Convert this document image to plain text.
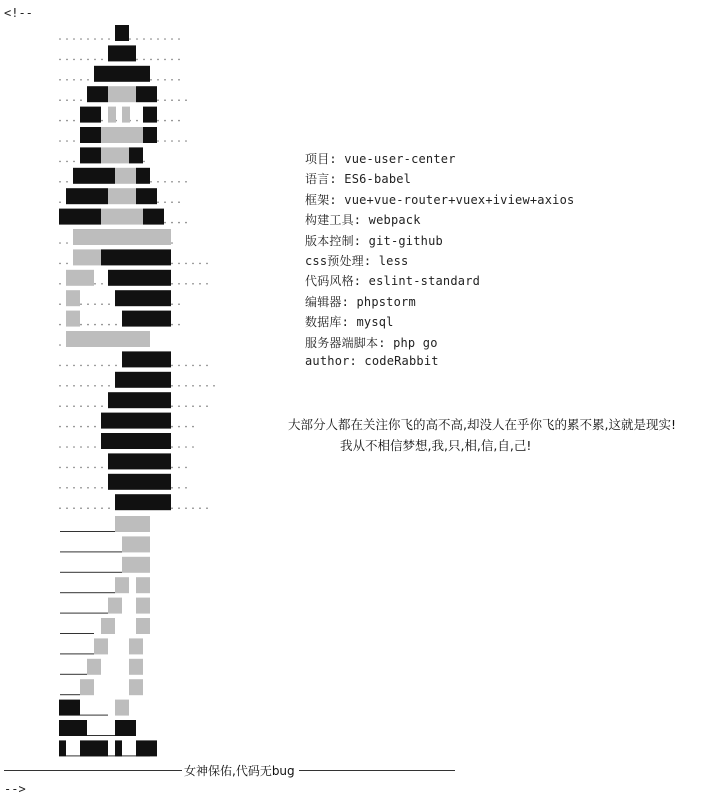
<!--
项目: vue-user-center
语言: ES6-babel
框架: vue+vue-router+vuex+iview+axios
构建工具: webpack
版本控制: git-github
css预处理: less
代码风格: eslint-standard
编辑器: phpstorm
数据库: mysql
服务器端脚本: php go
author: codeRabbit
大部分人都在关注你飞的高不高,却没人在乎你飞的累不累,这就是现实!
我从不相信梦想,我,只,相,信,自,己!
女神保佑,代码无bug
-->
